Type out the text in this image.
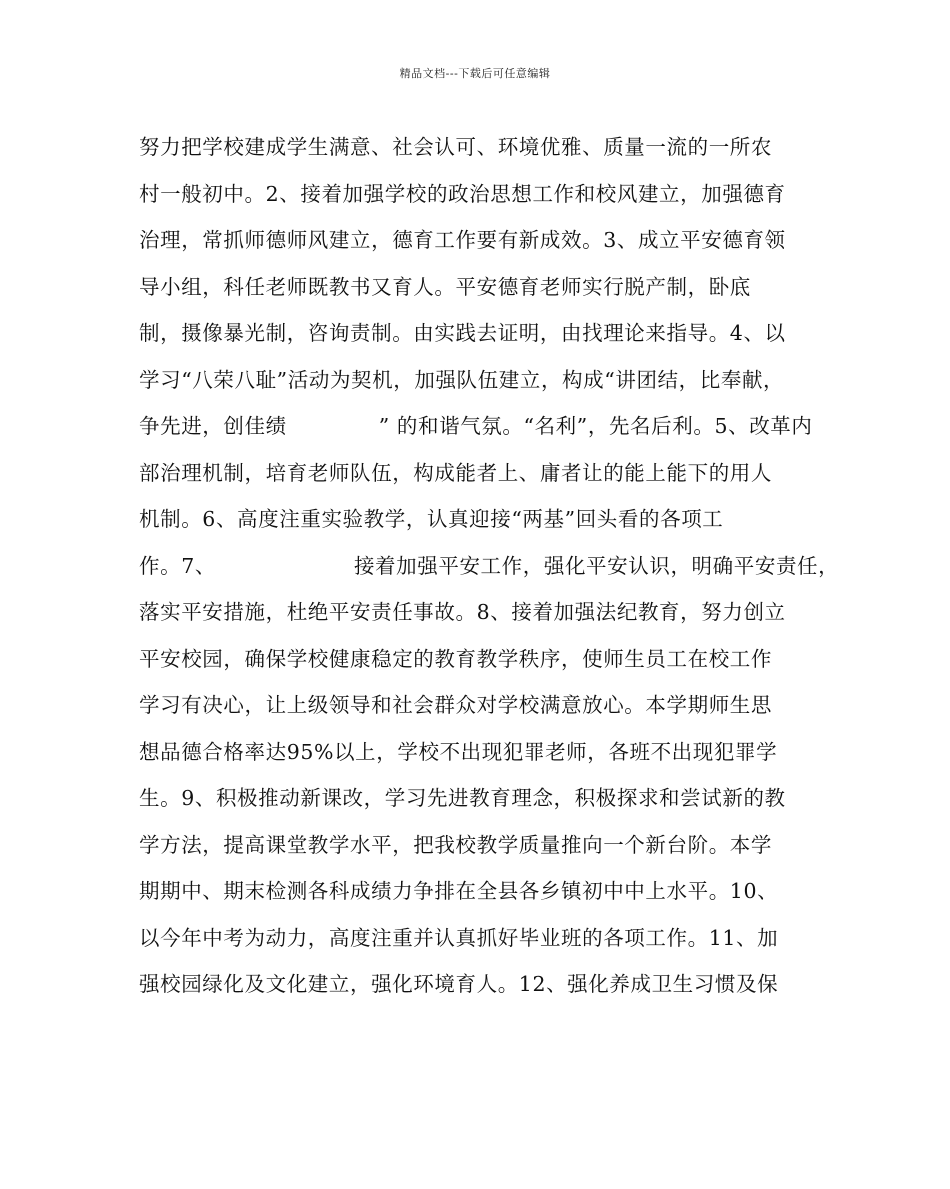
精品文档---下载后可任意编辑
努力把学校建成学生满意、社会认可、环境优雅、质量一流的一所农
村一般初中。2、接着加强学校的政治思想工作和校风建立，加强德育
治理，常抓师德师风建立，德育工作要有新成效。3、成立平安德育领
导小组，科任老师既教书又育人。平安德育老师实行脱产制，卧底
制，摄像暴光制，咨询责制。由实践去证明，由找理论来指导。4、以
学习“八荣八耻”活动为契机，加强队伍建立，构成“讲团结，比奉献，
争先进，创佳绩	” 的和谐气氛。“名利”，先名后利。5、改革内
部治理机制，培育老师队伍，构成能者上、庸者让的能上能下的用人
机制。6、高度注重实验教学，认真迎接“两基”回头看的各项工
作。7、	接着加强平安工作，强化平安认识，明确平安责任，
落实平安措施，杜绝平安责任事故。8、接着加强法纪教育，努力创立
平安校园，确保学校健康稳定的教育教学秩序，使师生员工在校工作
学习有决心，让上级领导和社会群众对学校满意放心。本学期师生思
想品德合格率达95%以上，学校不出现犯罪老师，各班不出现犯罪学
生。9、积极推动新课改，学习先进教育理念，积极探求和尝试新的教
学方法，提高课堂教学水平，把我校教学质量推向一个新台阶。本学
期期中、期末检测各科成绩力争排在全县各乡镇初中中上水平。10、
以今年中考为动力，高度注重并认真抓好毕业班的各项工作。11、加
强校园绿化及文化建立，强化环境育人。12、强化养成卫生习惯及保
